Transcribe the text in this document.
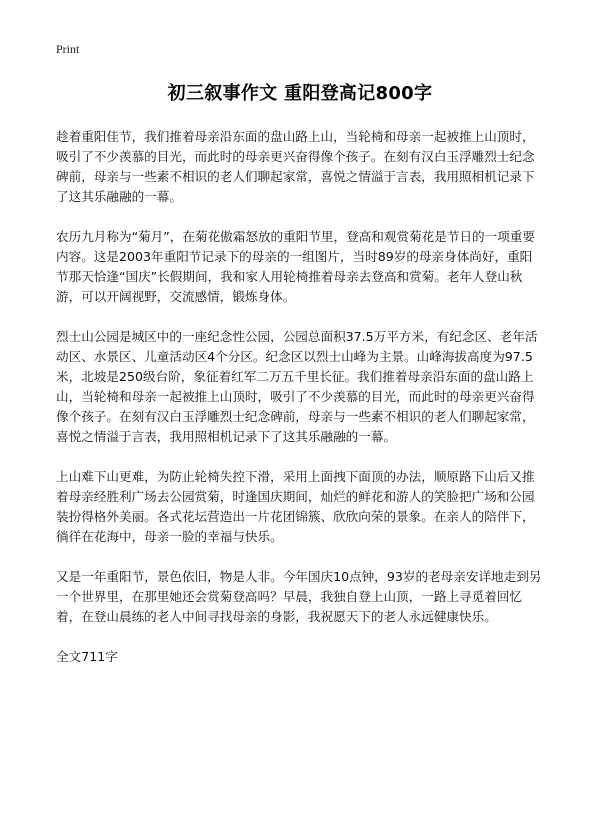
Print
初三叙事作文 重阳登高记800字

趁着重阳佳节，我们推着母亲沿东面的盘山路上山，当轮椅和母亲一起被推上山顶时，吸引了不少羡慕的目光，而此时的母亲更兴奋得像个孩子。在刻有汉白玉浮雕烈士纪念碑前，母亲与一些素不相识的老人们聊起家常，喜悦之情溢于言表，我用照相机记录下了这其乐融融的一幕。

农历九月称为“菊月”，在菊花傲霜怒放的重阳节里，登高和观赏菊花是节日的一项重要内容。这是2003年重阳节记录下的母亲的一组图片，当时89岁的母亲身体尚好，重阳节那天恰逢“国庆”长假期间，我和家人用轮椅推着母亲去登高和赏菊。老年人登山秋游，可以开阔视野，交流感情，锻炼身体。

烈士山公园是城区中的一座纪念性公园，公园总面积37.5万平方米，有纪念区、老年活动区、水景区、儿童活动区4个分区。纪念区以烈士山峰为主景。山峰海拔高度为97.5米，北坡是250级台阶，象征着红军二万五千里长征。我们推着母亲沿东面的盘山路上山，当轮椅和母亲一起被推上山顶时，吸引了不少羡慕的目光，而此时的母亲更兴奋得像个孩子。在刻有汉白玉浮雕烈士纪念碑前，母亲与一些素不相识的老人们聊起家常，喜悦之情溢于言表，我用照相机记录下了这其乐融融的一幕。

上山难下山更难，为防止轮椅失控下滑，采用上面拽下面顶的办法，顺原路下山后又推着母亲经胜利广场去公园赏菊，时逢国庆期间，灿烂的鲜花和游人的笑脸把广场和公园装扮得格外美丽。各式花坛营造出一片花团锦簇、欣欣向荣的景象。在亲人的陪伴下，徜徉在花海中，母亲一脸的幸福与快乐。

又是一年重阳节，景色依旧，物是人非。今年国庆10点钟，93岁的老母亲安详地走到另一个世界里，在那里她还会赏菊登高吗？早晨，我独自登上山顶，一路上寻觅着回忆着，在登山晨练的老人中间寻找母亲的身影，我祝愿天下的老人永远健康快乐。

全文711字
